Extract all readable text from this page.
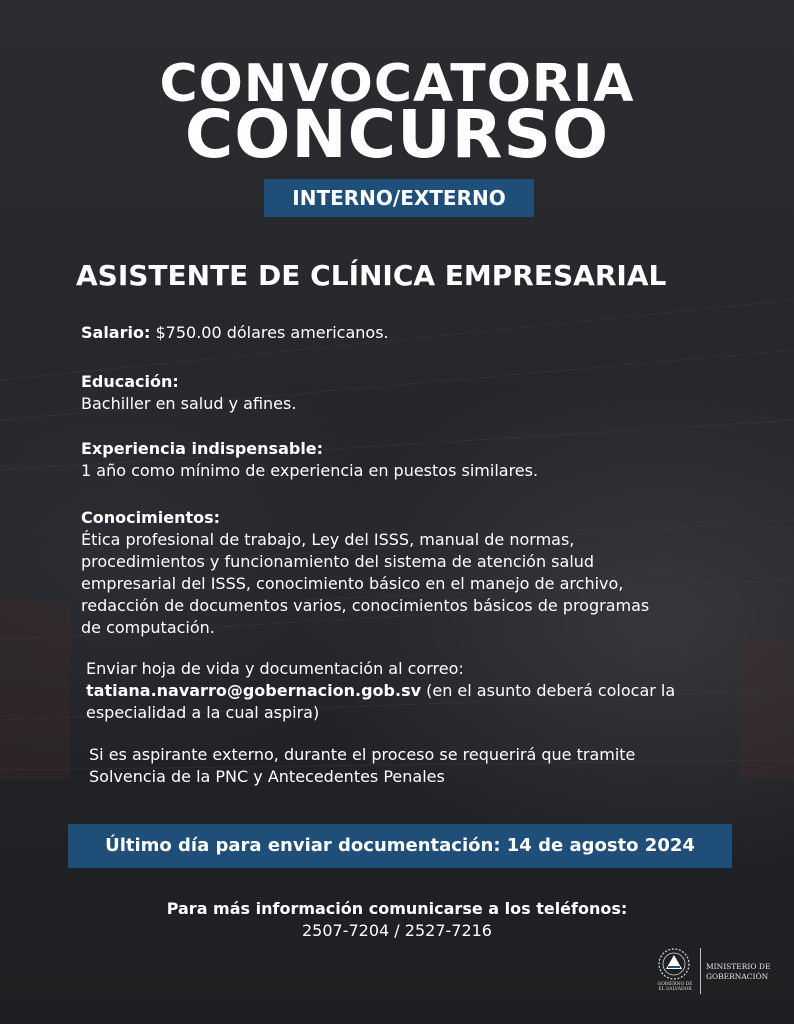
CONVOCATORIA
CONCURSO
INTERNO/EXTERNO
ASISTENTE DE CLÍNICA EMPRESARIAL
Salario: $750.00 dólares americanos.
Educación:
Bachiller en salud y afines.
Experiencia indispensable:
1 año como mínimo de experiencia en puestos similares.
Conocimientos:
Ética profesional de trabajo, Ley del ISSS, manual de normas,
procedimientos y funcionamiento del sistema de atención salud
empresarial del ISSS, conocimiento básico en el manejo de archivo,
redacción de documentos varios, conocimientos básicos de programas
de computación.
Enviar hoja de vida y documentación al correo:
tatiana.navarro@gobernacion.gob.sv (en el asunto deberá colocar la
especialidad a la cual aspira)
Si es aspirante externo, durante el proceso se requerirá que tramite
Solvencia de la PNC y Antecedentes Penales
Último día para enviar documentación: 14 de agosto 2024
Para más información comunicarse a los teléfonos:
2507-7204 / 2527-7216
GOBIERNO DE EL SALVADOR
MINISTERIO DE
GOBERNACIÓN
